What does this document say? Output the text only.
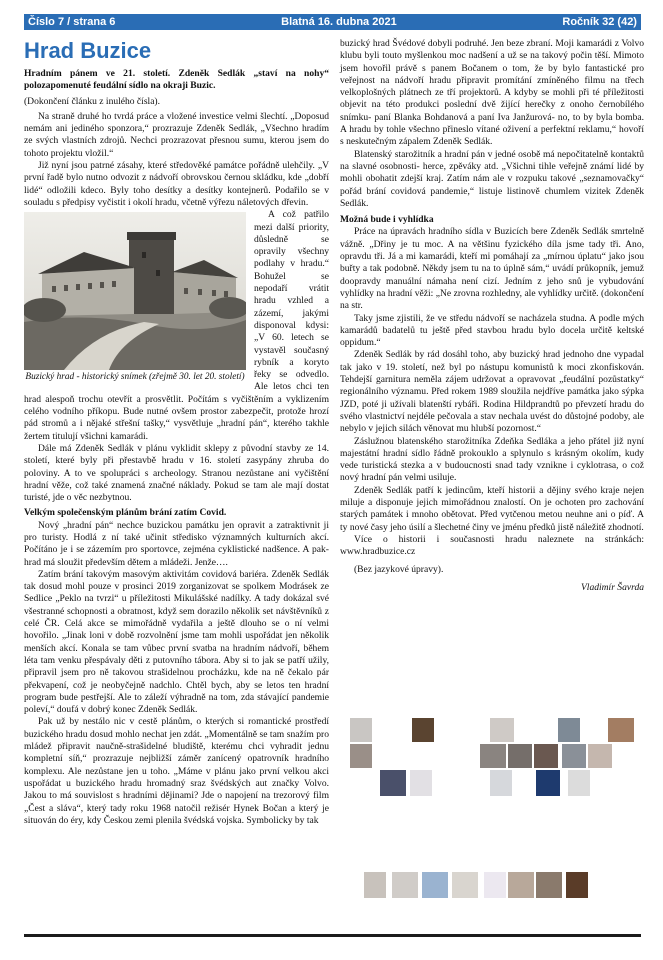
Číslo 7 / strana 6	Blatná 16. dubna 2021	Ročník 32 (42)
Hrad Buzice

Hradním pánem ve 21. století. Zdeněk Sedlák „staví na nohy“ polozapomenuté feudální sídlo na okraji Buzic.

(Dokončení článku z inulého čísla).

Na straně druhé ho tvrdá práce a vložené investice velmi šlechtí. „Doposud nemám ani jediného sponzora,“ prozrazuje Zdeněk Sedlák, „Všechno hradím ze svých vlastních zdrojů. Nechci prozrazovat přesnou sumu, kterou jsem do tohoto projektu vložil.“

Již nyní jsou patrné zásahy, které středověké památce pořádně ulehčily. „V první řadě bylo nutno odvozit z nádvoří obrovskou černou skládku, kde „dobří lidé“ odložili kdeco. Byly toho desítky a desítky kontejnerů. Podařilo se v souladu s předpisy vyčistit i okolí hradu, včetně výřezu náletových dřevin.

Buzický hrad - historický snímek (zřejmě 30. let 20. století)

A což patřilo mezi další priority, důsledně se opravily všechny podlahy v hradu.“ Bohužel se nepodaří vrátit hradu vzhled a zázemí, jakými disponoval kdysi: „V 60. letech se vystavěl současný rybník a koryto řeky se odvedlo. Ale letos chci ten hrad alespoň trochu otevřít a prosvětlit. Počítám s vyčištěním a vyklizením celého vodního příkopu. Bude nutné ovšem prostor zabezpečit, protože hrozí pád stromů a i nějaké střešní tašky,“ vysvětluje „hradní pán“, kterého takhle žertem titulují všichni kamarádi.

Dále má Zdeněk Sedlák v plánu vyklidit sklepy z původní stavby ze 14. století, které byly při přestavbě hradu v 16. století zasypány zhruba do poloviny. A to ve spolupráci s archeology. Stranou nezůstane ani vyčištění hradní věže, což také znamená značné náklady. Pokud se tam ale mají dostat turisté, jde o věc nezbytnou.

Velkým společenským plánům brání zatím Covid.

Nový „hradní pán“ nechce buzickou památku jen opravit a zatraktivnit ji pro turisty. Hodlá z ní také učinit středisko významných kulturních akcí. Počítáno je i se zázemím pro sportovce, zejména cyklistické nadšence. A pak- hrad má sloužit především dětem a mládeži. Jenže….

Zatím brání takovým masovým aktivitám covidová bariéra. Zdeněk Sedlák tak dosud mohl pouze v prosinci 2019 zorganizovat se spolkem Modrásek ze Sedlice „Peklo na tvrzi“ u příležitosti Mikulášské nadílky. A tady dokázal své všestranné schopnosti a obratnost, když sem dorazilo několik set návštěvníků z celé ČR. Celá akce se mimořádně vydařila a ještě dlouho se o ní velmi hovořilo. „Jinak loni v době rozvolnění jsme tam mohli uspořádat jen několik menších akcí. Konala se tam vůbec první svatba na hradním nádvoří, během léta tam venku přespávaly děti z putovního tábora. Aby si to jak se patří užily, připravil jsem pro ně takovou strašidelnou procházku, kde na ně čekalo pár překvapení, což je neobyčejně nadchlo. Chtěl bych, aby se letos ten hradní program bude pestřejší. Ale to záleží výhradně na tom, zda stávající pandemie poleví,“ doufá v dobrý konec Zdeněk Sedlák.

Pak už by nestálo nic v cestě plánům, o kterých si romantické prostředí buzického hradu dosud mohlo nechat jen zdát. „Momentálně se tam snažím pro mládež připravit naučně-strašidelné bludiště, kterému chci vyhradit jednu kompletní síň,“ prozrazuje nejbližší záměr zanícený opatrovník hradního komplexu. Ale nezůstane jen u toho. „Máme v plánu jako první velkou akci uspořádat u buzického hradu hromadný sraz švédských aut značky Volvo. Jakou to má souvislost s hradními dějinami? Jde o napojení na trezorový film „Čest a sláva“, který tady roku 1968 natočil režisér Hynek Bočan a který je situován do éry, kdy Českou zemi plenila švédská vojska. Symbolicky by tak

buzický hrad Švédové dobyli podruhé. Jen beze zbraní. Moji kamarádi z Volvo klubu byli touto myšlenkou moc nadšení a už se na takový počin těší. Mimoto jsem hovořil právě s panem Bočanem o tom, že by bylo fantastické pro veřejnost na nádvoří hradu připravit promítání zmíněného filmu na třech velkoplošných plátnech ze tří projektorů. A kdyby se mohli při té příležitosti objevit na této produkci poslední dvě žijící herečky z onoho černobílého snímku- paní Blanka Bohdanová a paní Iva Janžurová- no, to by byla bomba. A hradu by tohle všechno přineslo vítané oživení a perfektní reklamu,“ hovoří s neskutečným zápalem Zdeněk Sedlák.

Blatenský starožitník a hradní pán v jedné osobě má nepočitatelně kontaktů na slavné osobnosti- herce, zpěváky atd. „Všichni tihle veřejně známí lidé by mohli obohatit zdejší kraj. Zatím nám ale v rozpuku takové „seznamovačky“ pořád brání covidová pandemie,“ listuje listinově chumlem vizitek Zdeněk Sedlák.

Možná bude i vyhlídka

Práce na úpravách hradního sídla v Buzicích bere Zdeněk Sedlák smrtelně vážně. „Dřiny je tu moc. A na většinu fyzického díla jsme tady tři. Ano, opravdu tři. Já a mi kamarádi, kteří mi pomáhají za „mírnou úplatu“ jako jsou buřty a tak podobně. Někdy jsem tu na to úplně sám,“ uvádí průkopník, jemuž doopravdy manuální námaha není cizí. Jedním z jeho snů je vybudování vyhlídky na hradní věži: „Ne zrovna rozhledny, ale vyhlídky určitě. (dokončení na str.

Taky jsme zjistili, že ve středu nádvoří se nacházela studna. A podle mých kamarádů badatelů tu ještě před stavbou hradu bylo docela určitě keltské oppidum.“

Zdeněk Sedlák by rád dosáhl toho, aby buzický hrad jednoho dne vypadal tak jako v 19. století, než byl po nástupu komunistů k moci zkonfiskován. Tehdejší garnitura neměla zájem udržovat a opravovat „feudální pozůstatky“ regionálního významu. Před rokem 1989 sloužila nejdříve památka jako sýpka JZD, poté ji užívali blatenští rybáři. Rodina Hildprandtů po převzetí hradu do svého vlastnictví nejdéle pečovala a stav nechala uvést do důstojné podoby, ale nebylo v jejich silách věnovat mu hlubší pozornost.“

Záslužnou blatenského starožitníka Zdeňka Sedláka a jeho přátel již nyní majestátní hradní sídlo řádně prokouklo a splynulo s krásným okolím, kudy vede turistická stezka a v budoucnosti snad tady vznikne i cyklotrasa, o což nový hradní pán velmi usiluje.

Zdeněk Sedlák patří k jedincům, kteří historii a dějiny svého kraje nejen miluje a disponuje jejich mimořádnou znalostí. On je ochoten pro zachování starých památek i mnoho obětovat. Před vytčenou metou neuhne ani o píď. A ty nové časy jeho úsilí a šlechetné činy ve jménu předků jistě náležitě zhodnotí.

Více o historii i současnosti hradu naleznete na stránkách: www.hradbuzice.cz

(Bez jazykové úpravy).

Vladimír Šavrda
